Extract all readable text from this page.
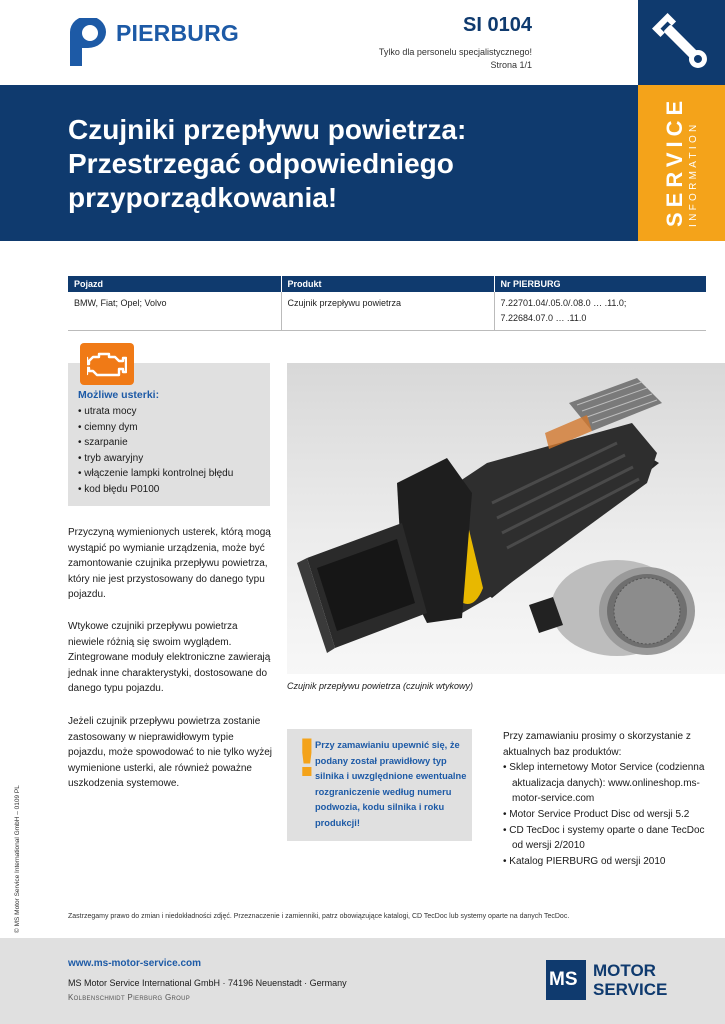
PIERBURG	SI 0104
Tylko dla personelu specjalistycznego!
Strona 1/1
Czujniki przepływu powietrza: Przestrzegać odpowiedniego przyporządkowania!	SERVICE INFORMATION
Pojazd	Produkt	Nr PIERBURG
BMW, Fiat; Opel; Volvo	Czujnik przepływu powietrza	7.22701.04/.05.0/.08.0 … .11.0;
7.22684.07.0 … .11.0
Możliwe usterki:
• utrata mocy
• ciemny dym
• szarpanie
• tryb awaryjny
• włączenie lampki kontrolnej błędu
• kod błędu P0100

Przyczyną wymienionych usterek, którą mogą wystąpić po wymianie urządzenia, może być zamontowanie czujnika przepływu powietrza, który nie jest przystosowany do danego typu pojazdu.

Wtykowe czujniki przepływu powietrza niewiele różnią się swoim wyglądem. Zintegrowane moduły elektroniczne zawierają jednak inne charakterystyki, dostosowane do danego typu pojazdu.

Jeżeli czujnik przepływu powietrza zostanie zastosowany w nieprawidłowym typie pojazdu, może spowodować to nie tylko wyżej wymienione usterki, ale również poważne uszkodzenia systemowe.

Czujnik przepływu powietrza (czujnik wtykowy)
!
Przy zamawianiu upewnić się, że podany został prawidłowy typ silnika i uwzględnione ewentualne rozgraniczenie według numeru podwozia, kodu silnika i roku produkcji!

Przy zamawianiu prosimy o skorzystanie z aktualnych baz produktów:

• Sklep internetowy Motor Service (codzienna aktualizacja danych): www.onlineshop.ms-motor-service.com
• Motor Service Product Disc od wersji 5.2
• CD TecDoc i systemy oparte o dane TecDoc od wersji 2/2010
• Katalog PIERBURG od wersji 2010
© MS Motor Service International GmbH – 0109 PL	Zastrzegamy prawo do zmian i niedokładności zdjęć. Przeznaczenie i zamienniki, patrz obowiązujące katalogi, CD TecDoc lub systemy oparte na danych TecDoc.
www.ms-motor-service.com
MS Motor Service International GmbH · 74196 Neuenstadt · Germany
Kolbenschmidt Pierburg Group
MS MOTOR
SERVICE
